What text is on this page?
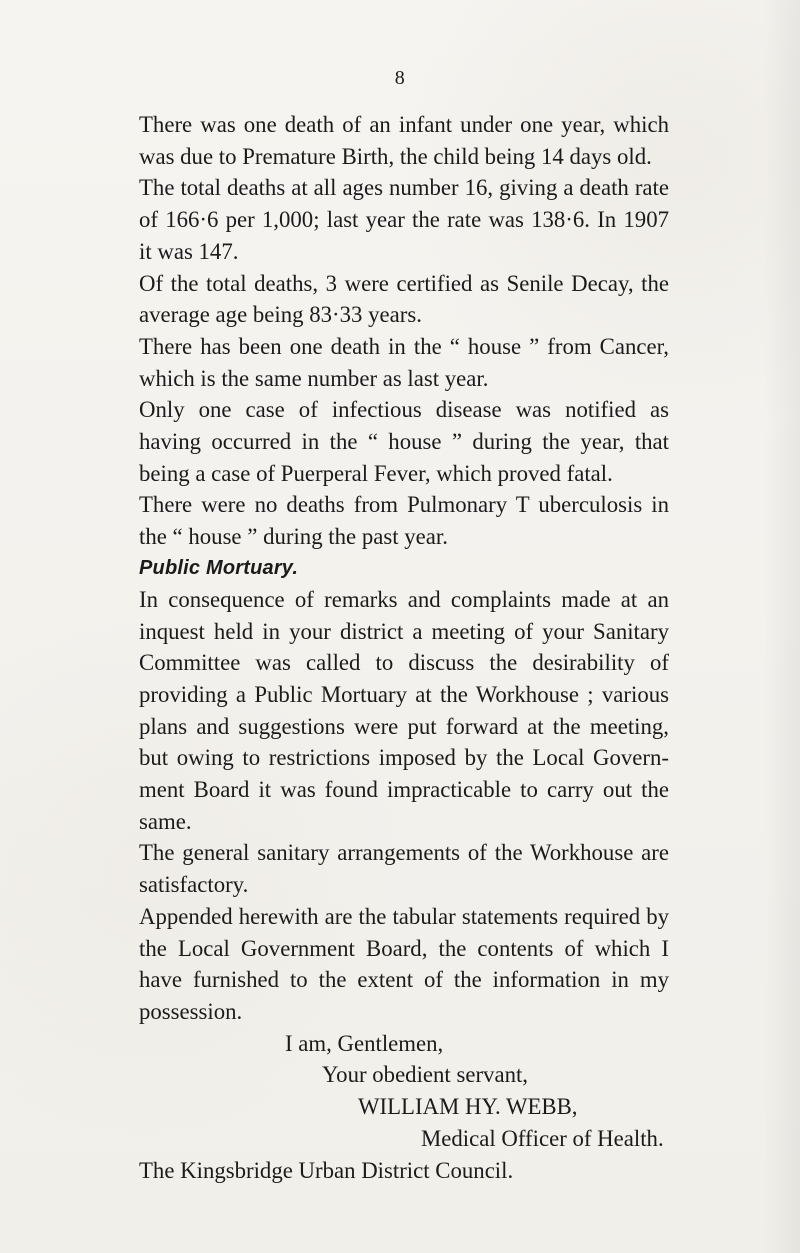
8

There was one death of an infant under one year, which was due to Premature Birth, the child being 14 days old.

The total deaths at all ages number 16, giving a death rate of 166·6 per 1,000; last year the rate was 138·6. In 1907 it was 147.

Of the total deaths, 3 were certified as Senile Decay, the average age being 83·33 years.

There has been one death in the “ house ” from Cancer, which is the same number as last year.

Only one case of infectious disease was notified as having occurred in the “ house ” during the year, that being a case of Puerperal Fever, which proved fatal.

There were no deaths from Pulmonary T uberculosis in the “ house ” during the past year.

Public Mortuary.

In consequence of remarks and complaints made at an inquest held in your district a meeting of your Sanitary Committee was called to discuss the desirability of providing a Public Mortuary at the Workhouse ; various plans and suggestions were put forward at the meeting, but owing to restrictions imposed by the Local Govern- ment Board it was found impracticable to carry out the same.

The general sanitary arrangements of the Workhouse are satisfactory.

Appended herewith are the tabular statements required by the Local Government Board, the contents of which I have furnished to the extent of the information in my possession.

I am, Gentlemen,
Your obedient servant,
WILLIAM HY. WEBB,
Medical Officer of Health.
The Kingsbridge Urban District Council.
